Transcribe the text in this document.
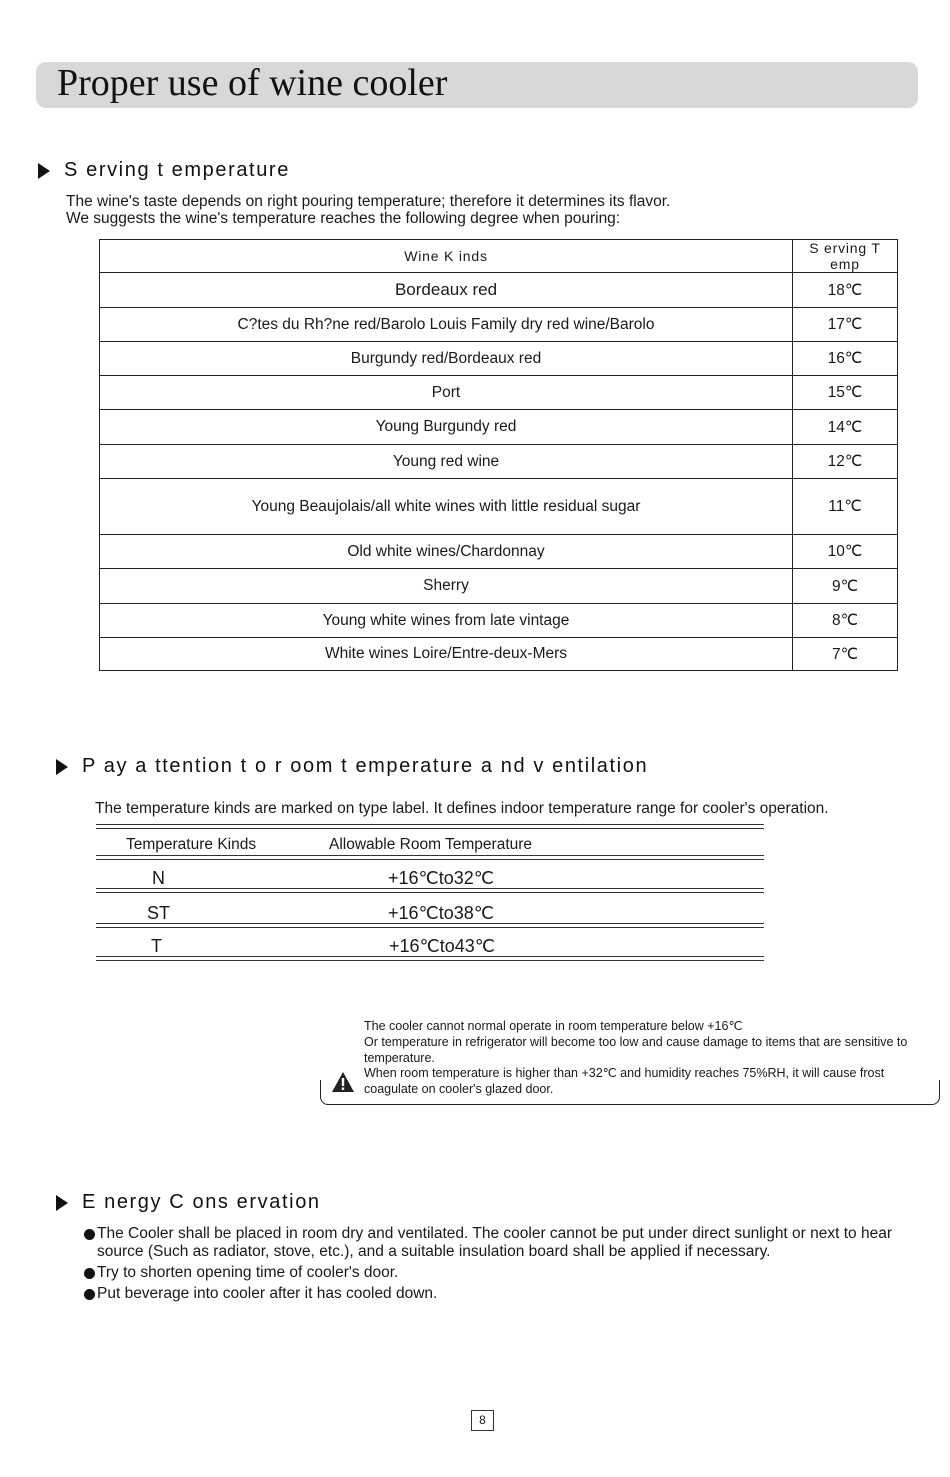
Proper use of wine cooler
S erving t emperature
The wine's taste depends on right pouring temperature; therefore it determines its flavor.
We suggests the wine's temperature reaches the following degree when pouring:
Wine K inds	S erving T emp
Bordeaux red	18℃
C?tes du Rh?ne red/Barolo Louis Family dry red wine/Barolo	17℃
Burgundy red/Bordeaux red	16℃
Port	15℃
Young Burgundy red	14℃
Young red wine	12℃
Young Beaujolais/all white wines with little residual sugar	11℃
Old white wines/Chardonnay	10℃
Sherry	9℃
Young white wines from late vintage	8℃
White wines Loire/Entre-deux-Mers	7℃
P ay a ttention t o r oom t emperature a nd v entilation
The temperature kinds are marked on type label. It defines indoor temperature range for cooler's operation.
Temperature Kinds	Allowable Room Temperature
N	+16℃to32℃
ST	+16℃to38℃
T	+16℃to43℃
The cooler cannot normal operate in room temperature below +16℃
Or temperature in refrigerator will become too low and cause damage to items that are sensitive to temperature.
When room temperature is higher than +32℃ and humidity reaches 75%RH, it will cause frost coagulate on cooler's glazed door.
E nergy C ons ervation
The Cooler shall be placed in room dry and ventilated. The cooler cannot be put under direct sunlight or next to hear source (Such as radiator, stove, etc.), and a suitable insulation board shall be applied if necessary.
Try to shorten opening time of cooler's door.
Put beverage into cooler after it has cooled down.
8
